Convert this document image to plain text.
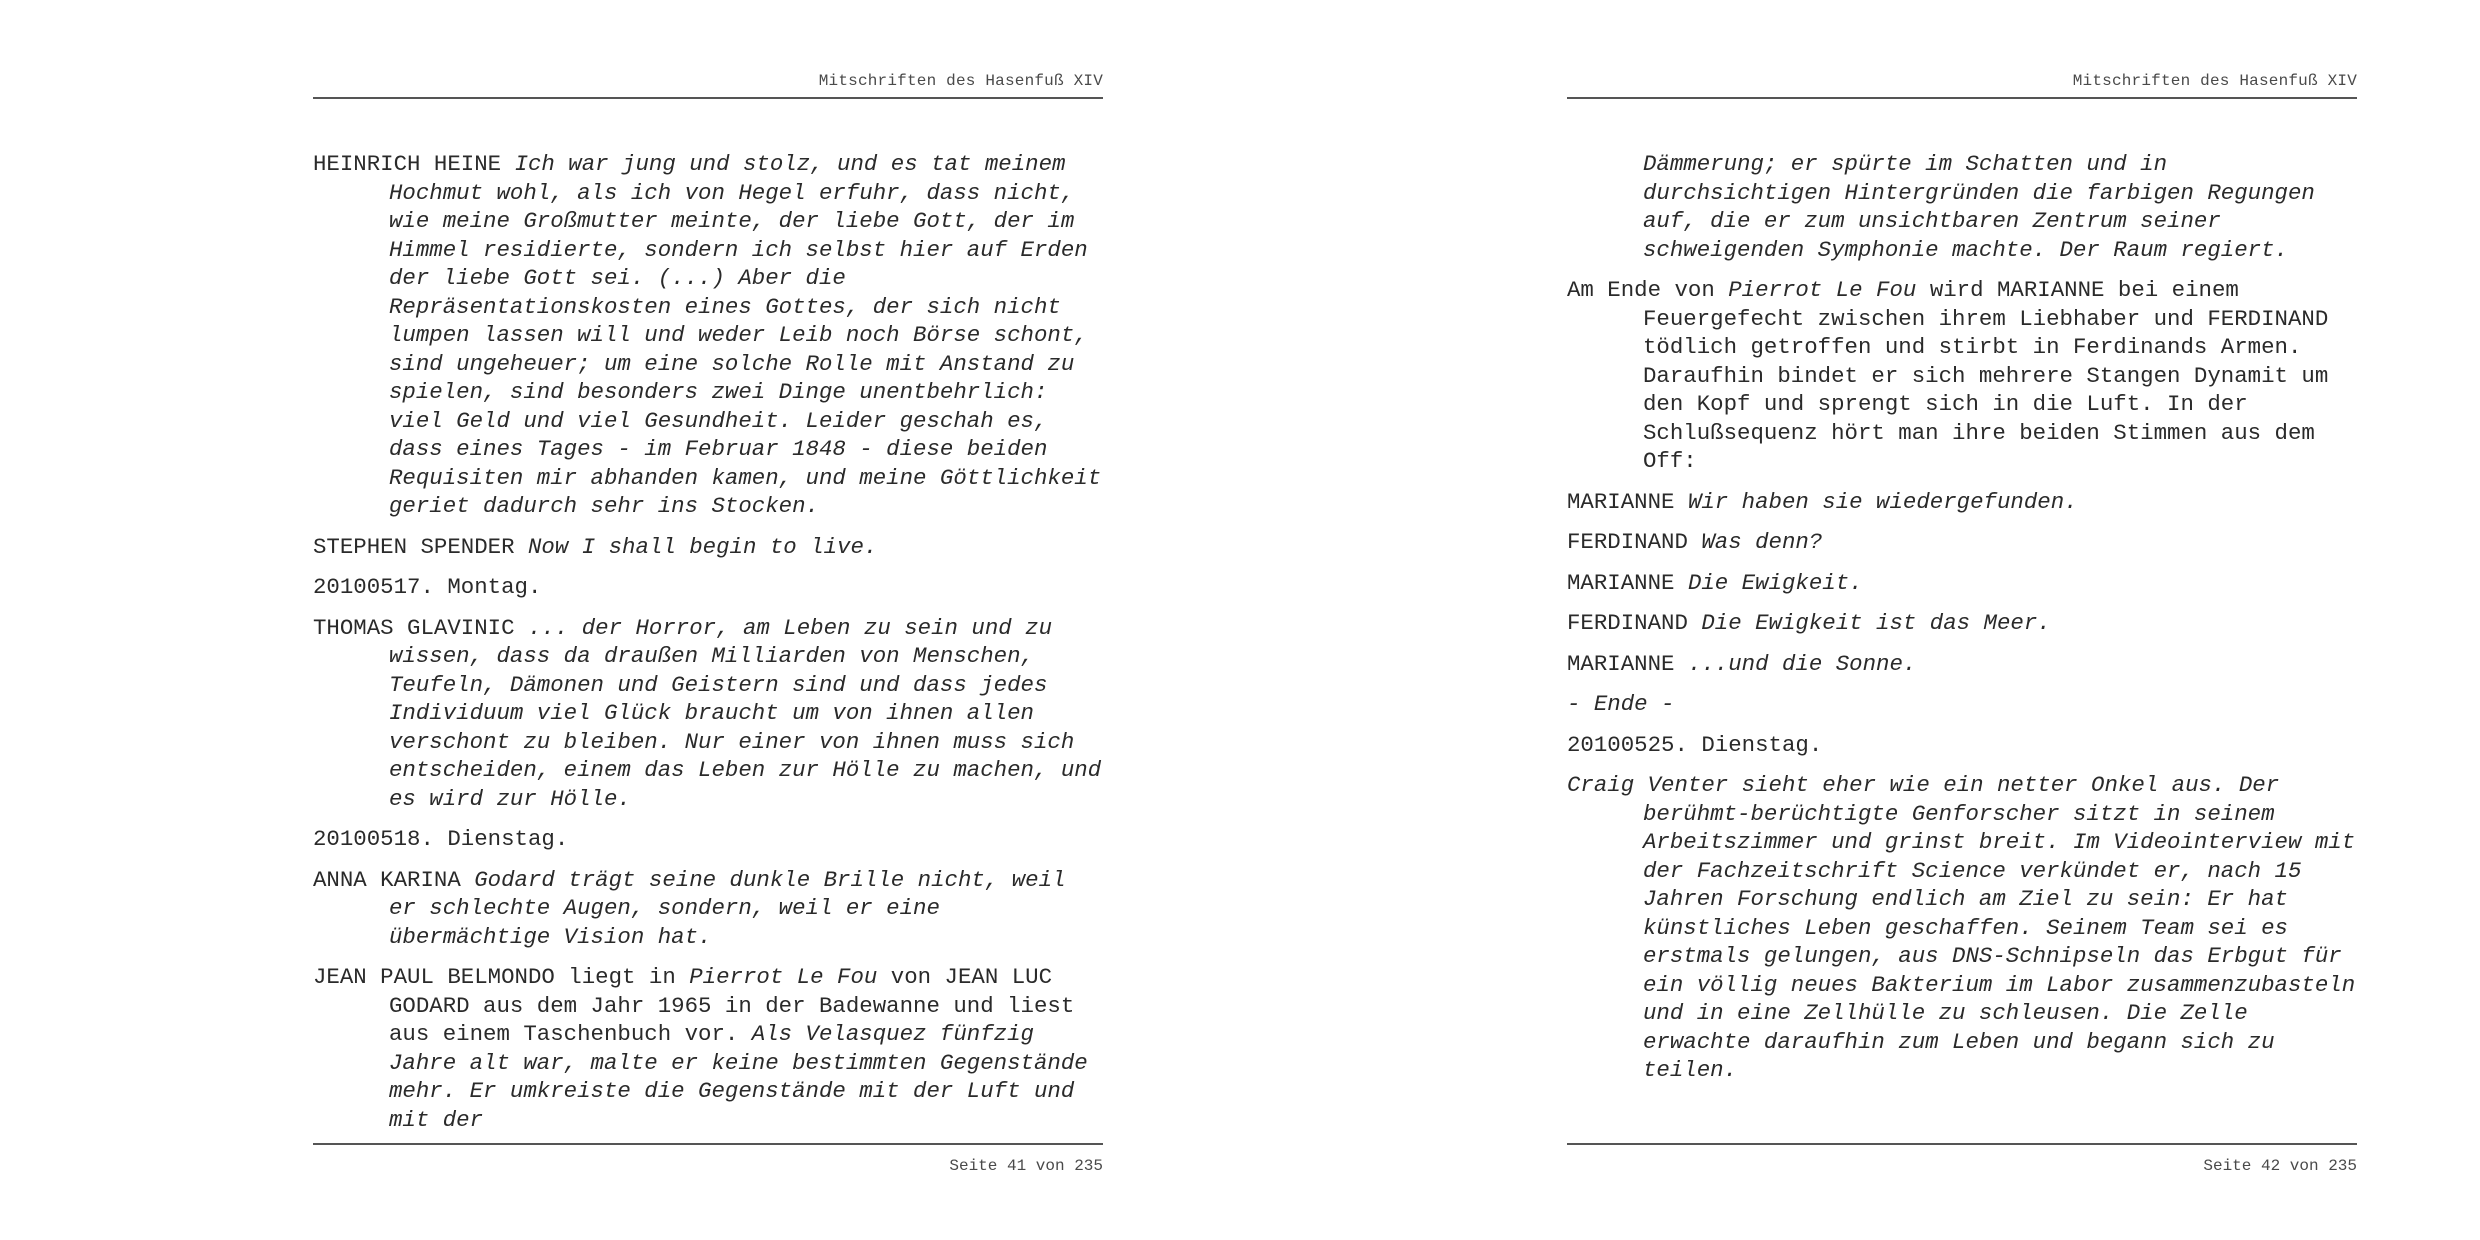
Mitschriften des Hasenfuß XIV

HEINRICH HEINE Ich war jung und stolz, und es tat meinem Hochmut wohl, als ich von Hegel erfuhr, dass nicht, wie meine Großmutter meinte, der liebe Gott, der im Himmel residierte, sondern ich selbst hier auf Erden der liebe Gott sei. (...) Aber die Repräsentationskosten eines Gottes, der sich nicht lumpen lassen will und weder Leib noch Börse schont, sind ungeheuer; um eine solche Rolle mit Anstand zu spielen, sind besonders zwei Dinge unentbehrlich: viel Geld und viel Gesundheit. Leider geschah es, dass eines Tages - im Februar 1848 - diese beiden Requisiten mir abhanden kamen, und meine Göttlichkeit geriet dadurch sehr ins Stocken.

STEPHEN SPENDER Now I shall begin to live.

20100517. Montag.

THOMAS GLAVINIC ... der Horror, am Leben zu sein und zu wissen, dass da draußen Milliarden von Menschen, Teufeln, Dämonen und Geistern sind und dass jedes Individuum viel Glück braucht um von ihnen allen verschont zu bleiben. Nur einer von ihnen muss sich entscheiden, einem das Leben zur Hölle zu machen, und es wird zur Hölle.

20100518. Dienstag.

ANNA KARINA Godard trägt seine dunkle Brille nicht, weil er schlechte Augen, sondern, weil er eine übermächtige Vision hat.

JEAN PAUL BELMONDO liegt in Pierrot Le Fou von JEAN LUC GODARD aus dem Jahr 1965 in der Badewanne und liest aus einem Taschenbuch vor. Als Velasquez fünfzig Jahre alt war, malte er keine bestimmten Gegenstände mehr. Er umkreiste die Gegenstände mit der Luft und mit der

Seite 41 von 235
Mitschriften des Hasenfuß XIV

Dämmerung; er spürte im Schatten und in durchsichtigen Hintergründen die farbigen Regungen auf, die er zum unsichtbaren Zentrum seiner schweigenden Symphonie machte. Der Raum regiert.

Am Ende von Pierrot Le Fou wird MARIANNE bei einem Feuergefecht zwischen ihrem Liebhaber und FERDINAND tödlich getroffen und stirbt in Ferdinands Armen. Daraufhin bindet er sich mehrere Stangen Dynamit um den Kopf und sprengt sich in die Luft. In der Schlußsequenz hört man ihre beiden Stimmen aus dem Off:

MARIANNE Wir haben sie wiedergefunden.

FERDINAND Was denn?

MARIANNE Die Ewigkeit.

FERDINAND Die Ewigkeit ist das Meer.

MARIANNE ...und die Sonne.

- Ende -

20100525. Dienstag.

Craig Venter sieht eher wie ein netter Onkel aus. Der berühmt-berüchtigte Genforscher sitzt in seinem Arbeitszimmer und grinst breit. Im Videointerview mit der Fachzeitschrift Science verkündet er, nach 15 Jahren Forschung endlich am Ziel zu sein: Er hat künstliches Leben geschaffen. Seinem Team sei es erstmals gelungen, aus DNS-Schnipseln das Erbgut für ein völlig neues Bakterium im Labor zusammenzubasteln und in eine Zellhülle zu schleusen. Die Zelle erwachte daraufhin zum Leben und begann sich zu teilen.

Seite 42 von 235
